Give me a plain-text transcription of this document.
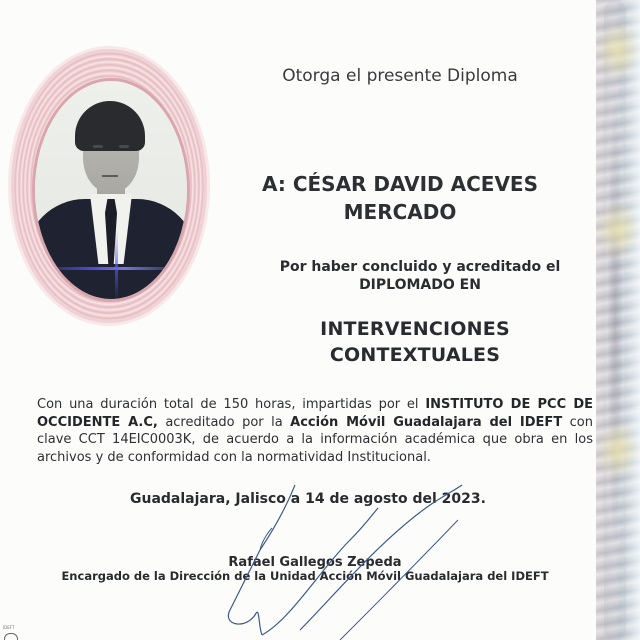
Otorga el presente Diploma
A: CÉSAR DAVID ACEVES
MERCADO
Por haber concluido y acreditado el
DIPLOMADO EN
INTERVENCIONES
CONTEXTUALES
Con una duración total de 150 horas, impartidas por el INSTITUTO DE PCC DE OCCIDENTE A.C, acreditado por la Acción Móvil Guadalajara del IDEFT con clave CCT 14EIC0003K, de acuerdo a la información académica que obra en los archivos y de conformidad con la normatividad Institucional.
Guadalajara, Jalisco a 14 de agosto del 2023.
Rafael Gallegos Zepeda
Encargado de la Dirección de la Unidad Acción Móvil Guadalajara del IDEFT
IDEFT
